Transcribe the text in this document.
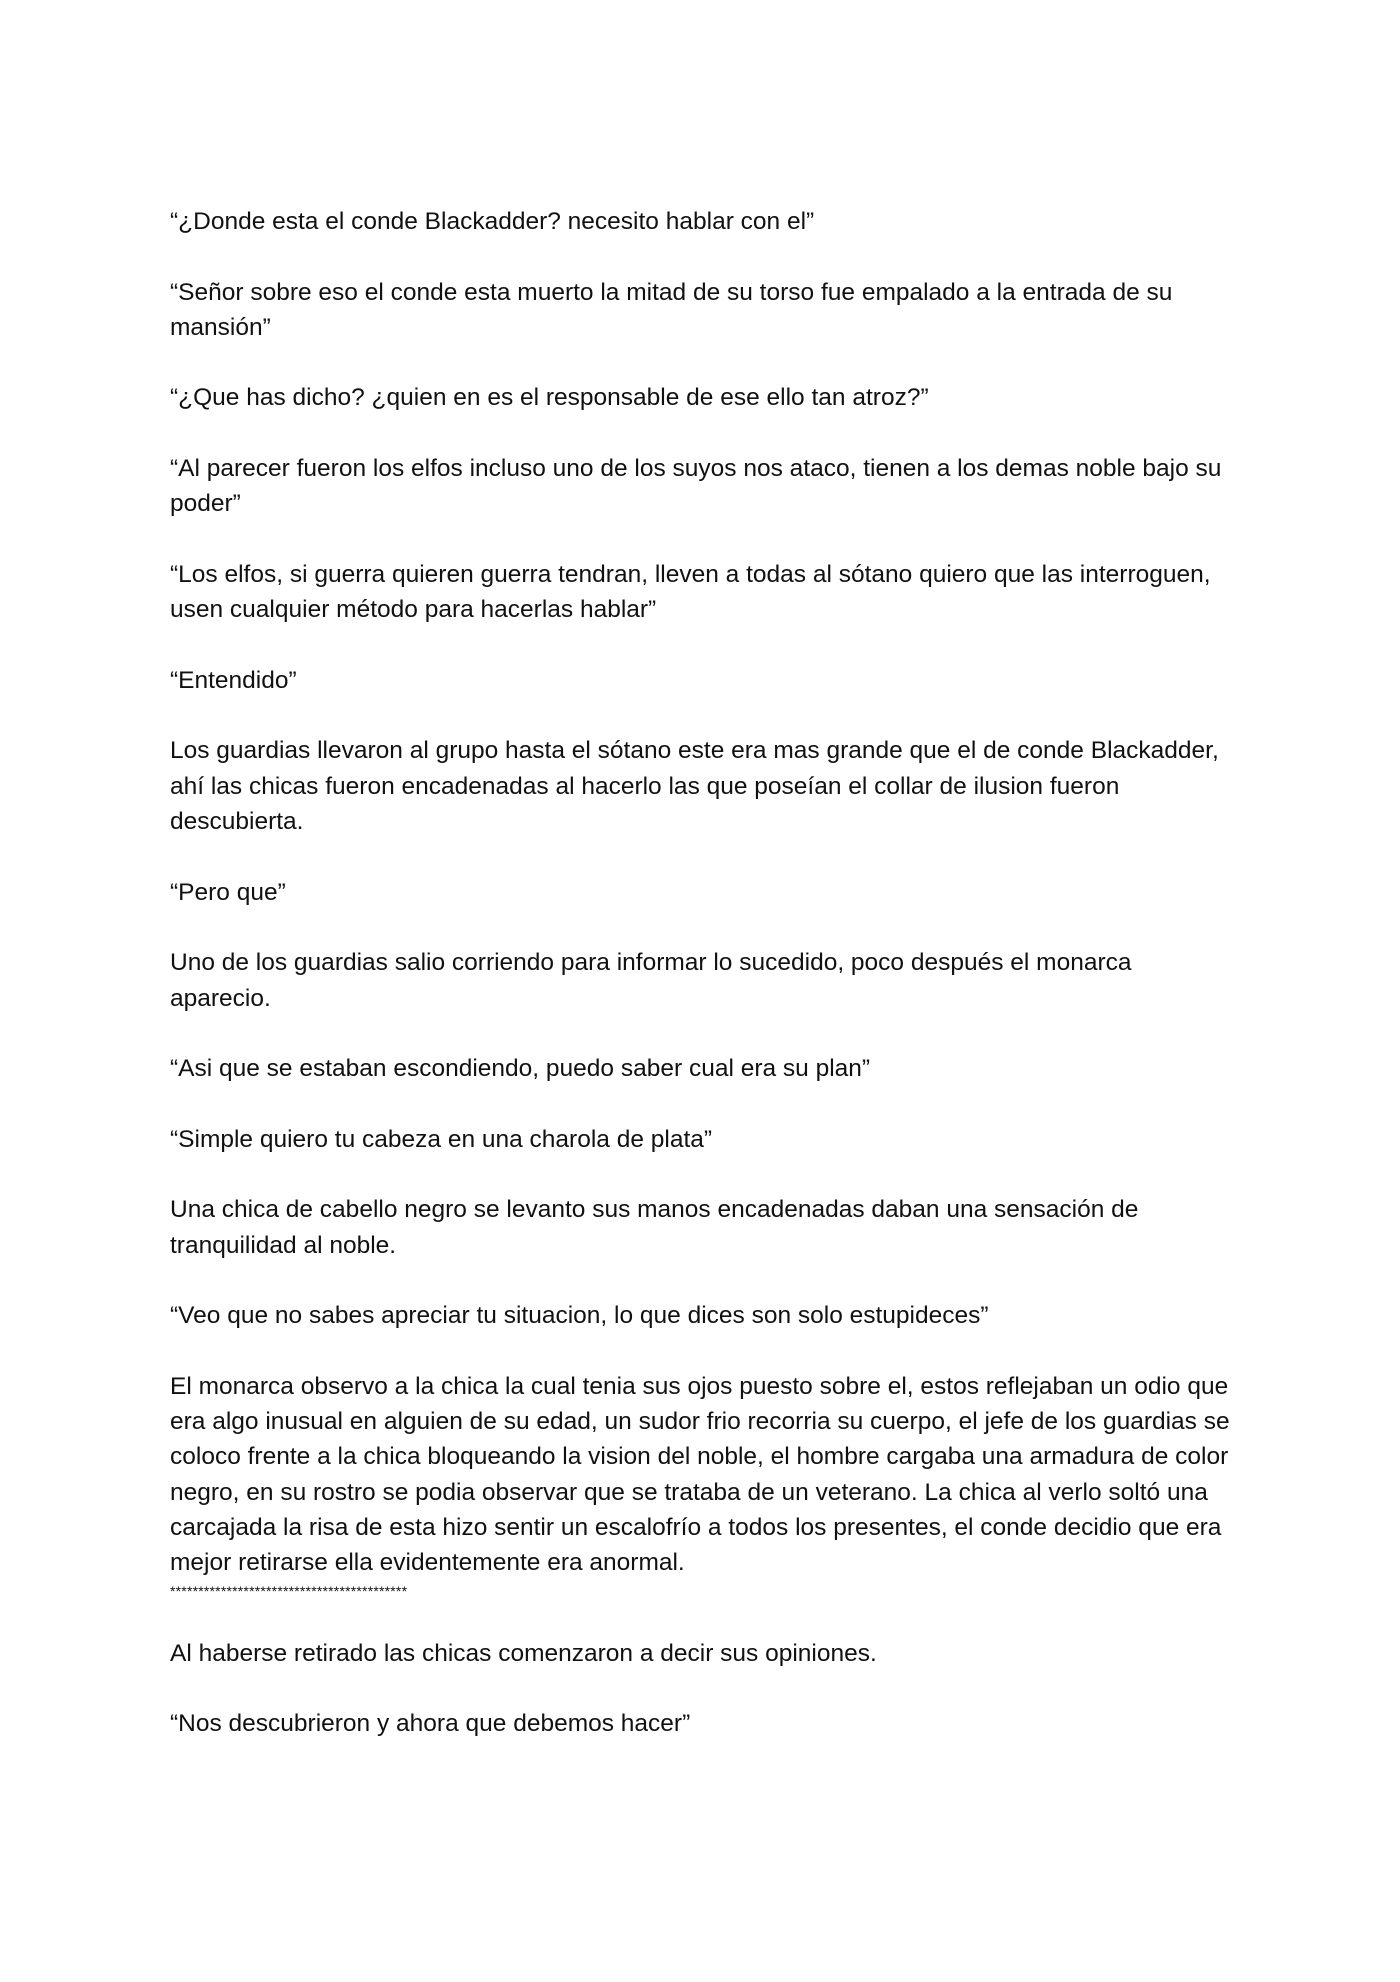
“¿Donde esta el conde Blackadder? necesito hablar con el”

“Señor sobre eso el conde esta muerto la mitad de su torso fue empalado a la entrada de su mansión”

“¿Que has dicho? ¿quien en es el responsable de ese ello tan atroz?”

“Al parecer fueron los elfos incluso uno de los suyos nos ataco, tienen a los demas noble bajo su poder”

“Los elfos, si guerra quieren guerra tendran, lleven a todas al sótano quiero que las interroguen, usen cualquier método para hacerlas hablar”

“Entendido”

Los guardias llevaron al grupo hasta el sótano este era mas grande que el de conde Blackadder, ahí las chicas fueron encadenadas al hacerlo las que poseían el collar de ilusion fueron descubierta.

“Pero que”

Uno de los guardias salio corriendo para informar lo sucedido, poco después el monarca aparecio.

“Asi que se estaban escondiendo, puedo saber cual era su plan”

“Simple quiero tu cabeza en una charola de plata”

Una chica de cabello negro se levanto sus manos encadenadas daban una sensación de tranquilidad al noble.

“Veo que no sabes apreciar tu situacion, lo que dices son solo estupideces”

El monarca observo a la chica la cual tenia sus ojos puesto sobre el, estos reflejaban un odio que era algo inusual en alguien de su edad, un sudor frio recorria su cuerpo, el jefe de los guardias se coloco frente a la chica bloqueando la vision del noble, el hombre cargaba una armadura de color negro, en su rostro se podia observar que se trataba de un veterano. La chica al verlo soltó una carcajada la risa de esta hizo sentir un escalofrío a todos los presentes, el conde decidio que era mejor retirarse ella evidentemente era anormal.

******************************************

Al haberse retirado las chicas comenzaron a decir sus opiniones.

“Nos descubrieron y ahora que debemos hacer”
